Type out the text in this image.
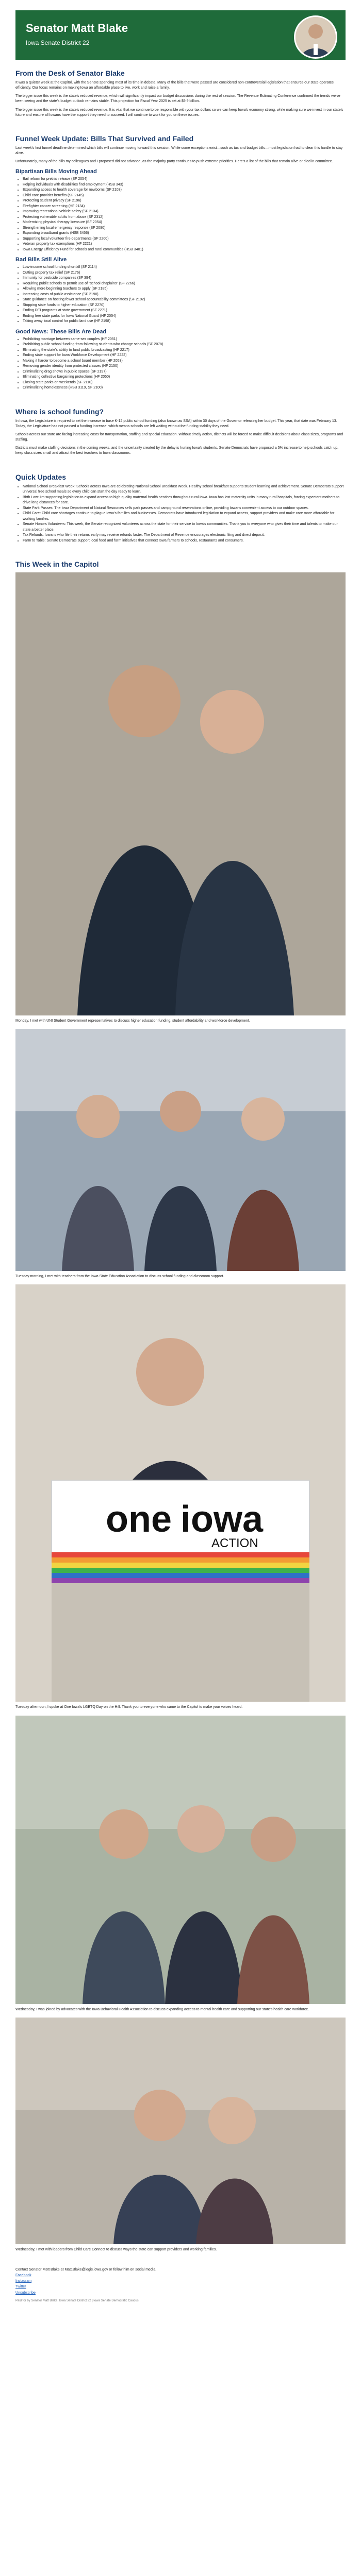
Senator Matt Blake
Iowa Senate District 22
From the Desk of Senator Blake

It was a quieter week at the Capitol, with the Senate spending most of its time in debate. Many of the bills that were passed are considered non-controversial legislation that ensures our state operates efficiently. Our focus remains on making Iowa an affordable place to live, work and raise a family.

The bigger issue this week is the state's reduced revenue, which will significantly impact our budget discussions during the rest of session. The Revenue Estimating Conference confirmed the trends we've been seeing and the state's budget outlook remains stable. This projection for Fiscal Year 2025 is set at $9.9 billion.

The bigger issue this week is the state's reduced revenue. It is vital that we continue to be responsible with your tax dollars so we can keep Iowa's economy strong, while making sure we invest in our state's future and ensure all Iowans have the support they need to succeed. I will continue to work for you on these issues.

Funnel Week Update: Bills That Survived and Failed

Last week's first funnel deadline determined which bills will continue moving forward this session. While some exceptions exist—such as tax and budget bills—most legislation had to clear this hurdle to stay alive.

Unfortunately, many of the bills my colleagues and I proposed did not advance, as the majority party continues to push extreme priorities. Here's a list of the bills that remain alive or died in committee.

Bipartisan Bills Moving Ahead
• Bail reform for pretrial release (SF 2054)
• Helping individuals with disabilities find employment (HSB 343)
• Expanding access to health coverage for newborns (SF 2103)
• Child care provider benefits (SF 2145)
• Protecting student privacy (SF 2196)
• Firefighter cancer screening (HF 2134)
• Improving recreational vehicle safety (SF 2134)
• Protecting vulnerable adults from abuse (SF 2312)
• Modernizing physical therapy licensure (SF 2054)
• Strengthening local emergency response (SF 2090)
• Expanding broadband grants (HSB 3456)
• Supporting local volunteer fire departments (SF 2200)
• Veteran property tax exemptions (HF 2221)
• Iowa Energy Efficiency Fund for schools and rural communities (HSB 3401)
Bad Bills Still Alive
• Low-income school funding shortfall (SF 2114)
• Cutting property tax relief (SF 2176)
• Immunity for pesticide companies (SF 394)
• Requiring public schools to permit use of "school chaplains" (SF 2266)
• Allowing more beginning teachers to apply (SF 2185)
• Increasing costs of public assistance (SF 2190)
• State guidance on hosting fewer school accountability committees (SF 2192)
• Stopping state funds to higher education (SF 2270)
• Ending DEI programs at state government (SF 2271)
• Ending free state parks for Iowa National Guard (HF 2054)
• Taking away local control for public land use (HF 2198)
Good News: These Bills Are Dead
• Prohibiting marriage between same-sex couples (HF 2051)
• Prohibiting public school funding from following students who change schools (SF 2078)
• Eliminating the state's ability to fund public broadcasting (HF 2217)
• Ending state support for Iowa Workforce Development (HF 2222)
• Making it harder to become a school board member (HF 2053)
• Removing gender identity from protected classes (HF 2150)
• Criminalizing drag shows in public spaces (SF 2197)
• Eliminating collective bargaining protections (HF 2050)
• Closing state parks on weekends (SF 2110)
• Criminalizing homelessness (HSB 3119, SF 2100)
Where is school funding?

In Iowa, the Legislature is required to set the increase in base K-12 public school funding (also known as SSA) within 30 days of the Governor releasing her budget. This year, that date was February 13. Today, the Legislature has not passed a funding increase, which means schools are left waiting without the funding stability they need.

Schools across our state are facing increasing costs for transportation, staffing and special education. Without timely action, districts will be forced to make difficult decisions about class sizes, programs and staffing.

Districts must make staffing decisions in the coming weeks, and the uncertainty created by the delay is hurting Iowa's students. Senate Democrats have proposed a 5% increase to help schools catch up, keep class sizes small and attract the best teachers to Iowa classrooms.

Quick Updates
• National School Breakfast Week: Schools across Iowa are celebrating National School Breakfast Week. Healthy school breakfast supports student learning and achievement. Senate Democrats support universal free school meals so every child can start the day ready to learn.
• Birth Law: I'm supporting legislation to expand access to high-quality maternal health services throughout rural Iowa. Iowa has lost maternity units in many rural hospitals, forcing expectant mothers to drive long distances for care.
• State Park Passes: The Iowa Department of Natural Resources sells park passes and campground reservations online, providing Iowans convenient access to our outdoor spaces.
• Child Care: Child care shortages continue to plague Iowa's families and businesses. Democrats have introduced legislation to expand access, support providers and make care more affordable for working families.
• Senate Honors Volunteers: This week, the Senate recognized volunteers across the state for their service to Iowa's communities. Thank you to everyone who gives their time and talents to make our state a better place.
• Tax Refunds: Iowans who file their returns early may receive refunds faster. The Department of Revenue encourages electronic filing and direct deposit.
• Farm to Table: Senate Democrats support local food and farm initiatives that connect Iowa farmers to schools, restaurants and consumers.
This Week in the Capitol

Monday, I met with UNI Student Government representatives to discuss higher education funding, student affordability and workforce development.

Tuesday morning, I met with teachers from the Iowa State Education Association to discuss school funding and classroom support.

one iowa
ACTION

Tuesday afternoon, I spoke at One Iowa's LGBTQ Day on the Hill. Thank you to everyone who came to the Capitol to make your voices heard.

Wednesday, I was joined by advocates with the Iowa Behavioral Health Association to discuss expanding access to mental health care and supporting our state's health care workforce.

Wednesday, I met with leaders from Child Care Connect to discuss ways the state can support providers and working families.

Contact Senator Matt Blake at Matt.Blake@legis.iowa.gov or follow him on social media.
Facebook
Instagram
Twitter
Unsubscribe
Paid for by Senator Matt Blake, Iowa Senate District 22 | Iowa Senate Democratic Caucus
